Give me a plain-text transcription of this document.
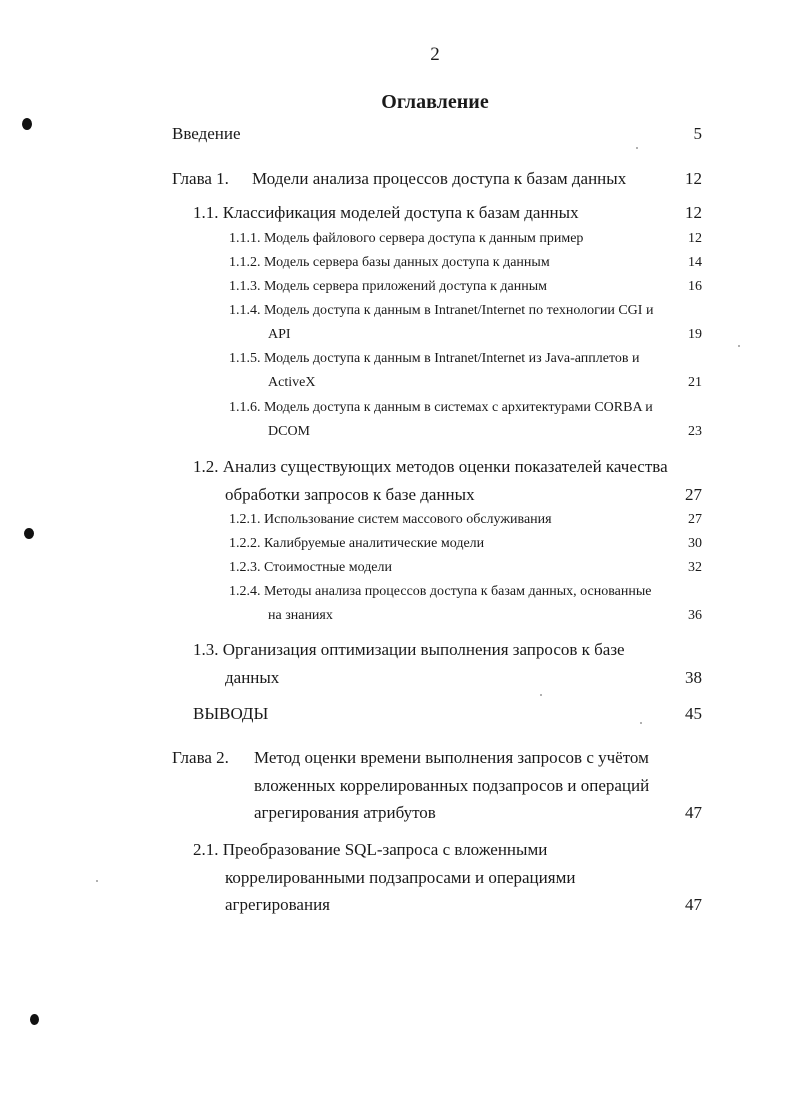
2
Оглавление
Введение	5
Глава 1. Модели анализа процессов доступа к базам данных	12
1.1. Классификация моделей доступа к базам данных	12
1.1.1. Модель файлового сервера доступа к данным пример	12
1.1.2. Модель сервера базы данных доступа к данным	14
1.1.3. Модель сервера приложений доступа к данным	16
1.1.4. Модель доступа к данным в Intranet/Internet по технологии CGI и
API	19
1.1.5. Модель доступа к данным в Intranet/Internet из Java-апплетов и
ActiveX	21
1.1.6. Модель доступа к данным в системах с архитектурами CORBA и
DCOM	23
1.2. Анализ существующих методов оценки показателей качества
обработки запросов к базе данных	27
1.2.1. Использование систем массового обслуживания	27
1.2.2. Калибруемые аналитические модели	30
1.2.3. Стоимостные модели	32
1.2.4. Методы анализа процессов доступа к базам данных, основанные
на знаниях	36
1.3. Организация оптимизации выполнения запросов к базе
данных	38
ВЫВОДЫ	45
Глава 2. Метод оценки времени выполнения запросов с учётом
вложенных коррелированных подзапросов и операций
агрегирования атрибутов	47
2.1. Преобразование SQL-запроса с вложенными
коррелированными подзапросами и операциями
агрегирования	47
